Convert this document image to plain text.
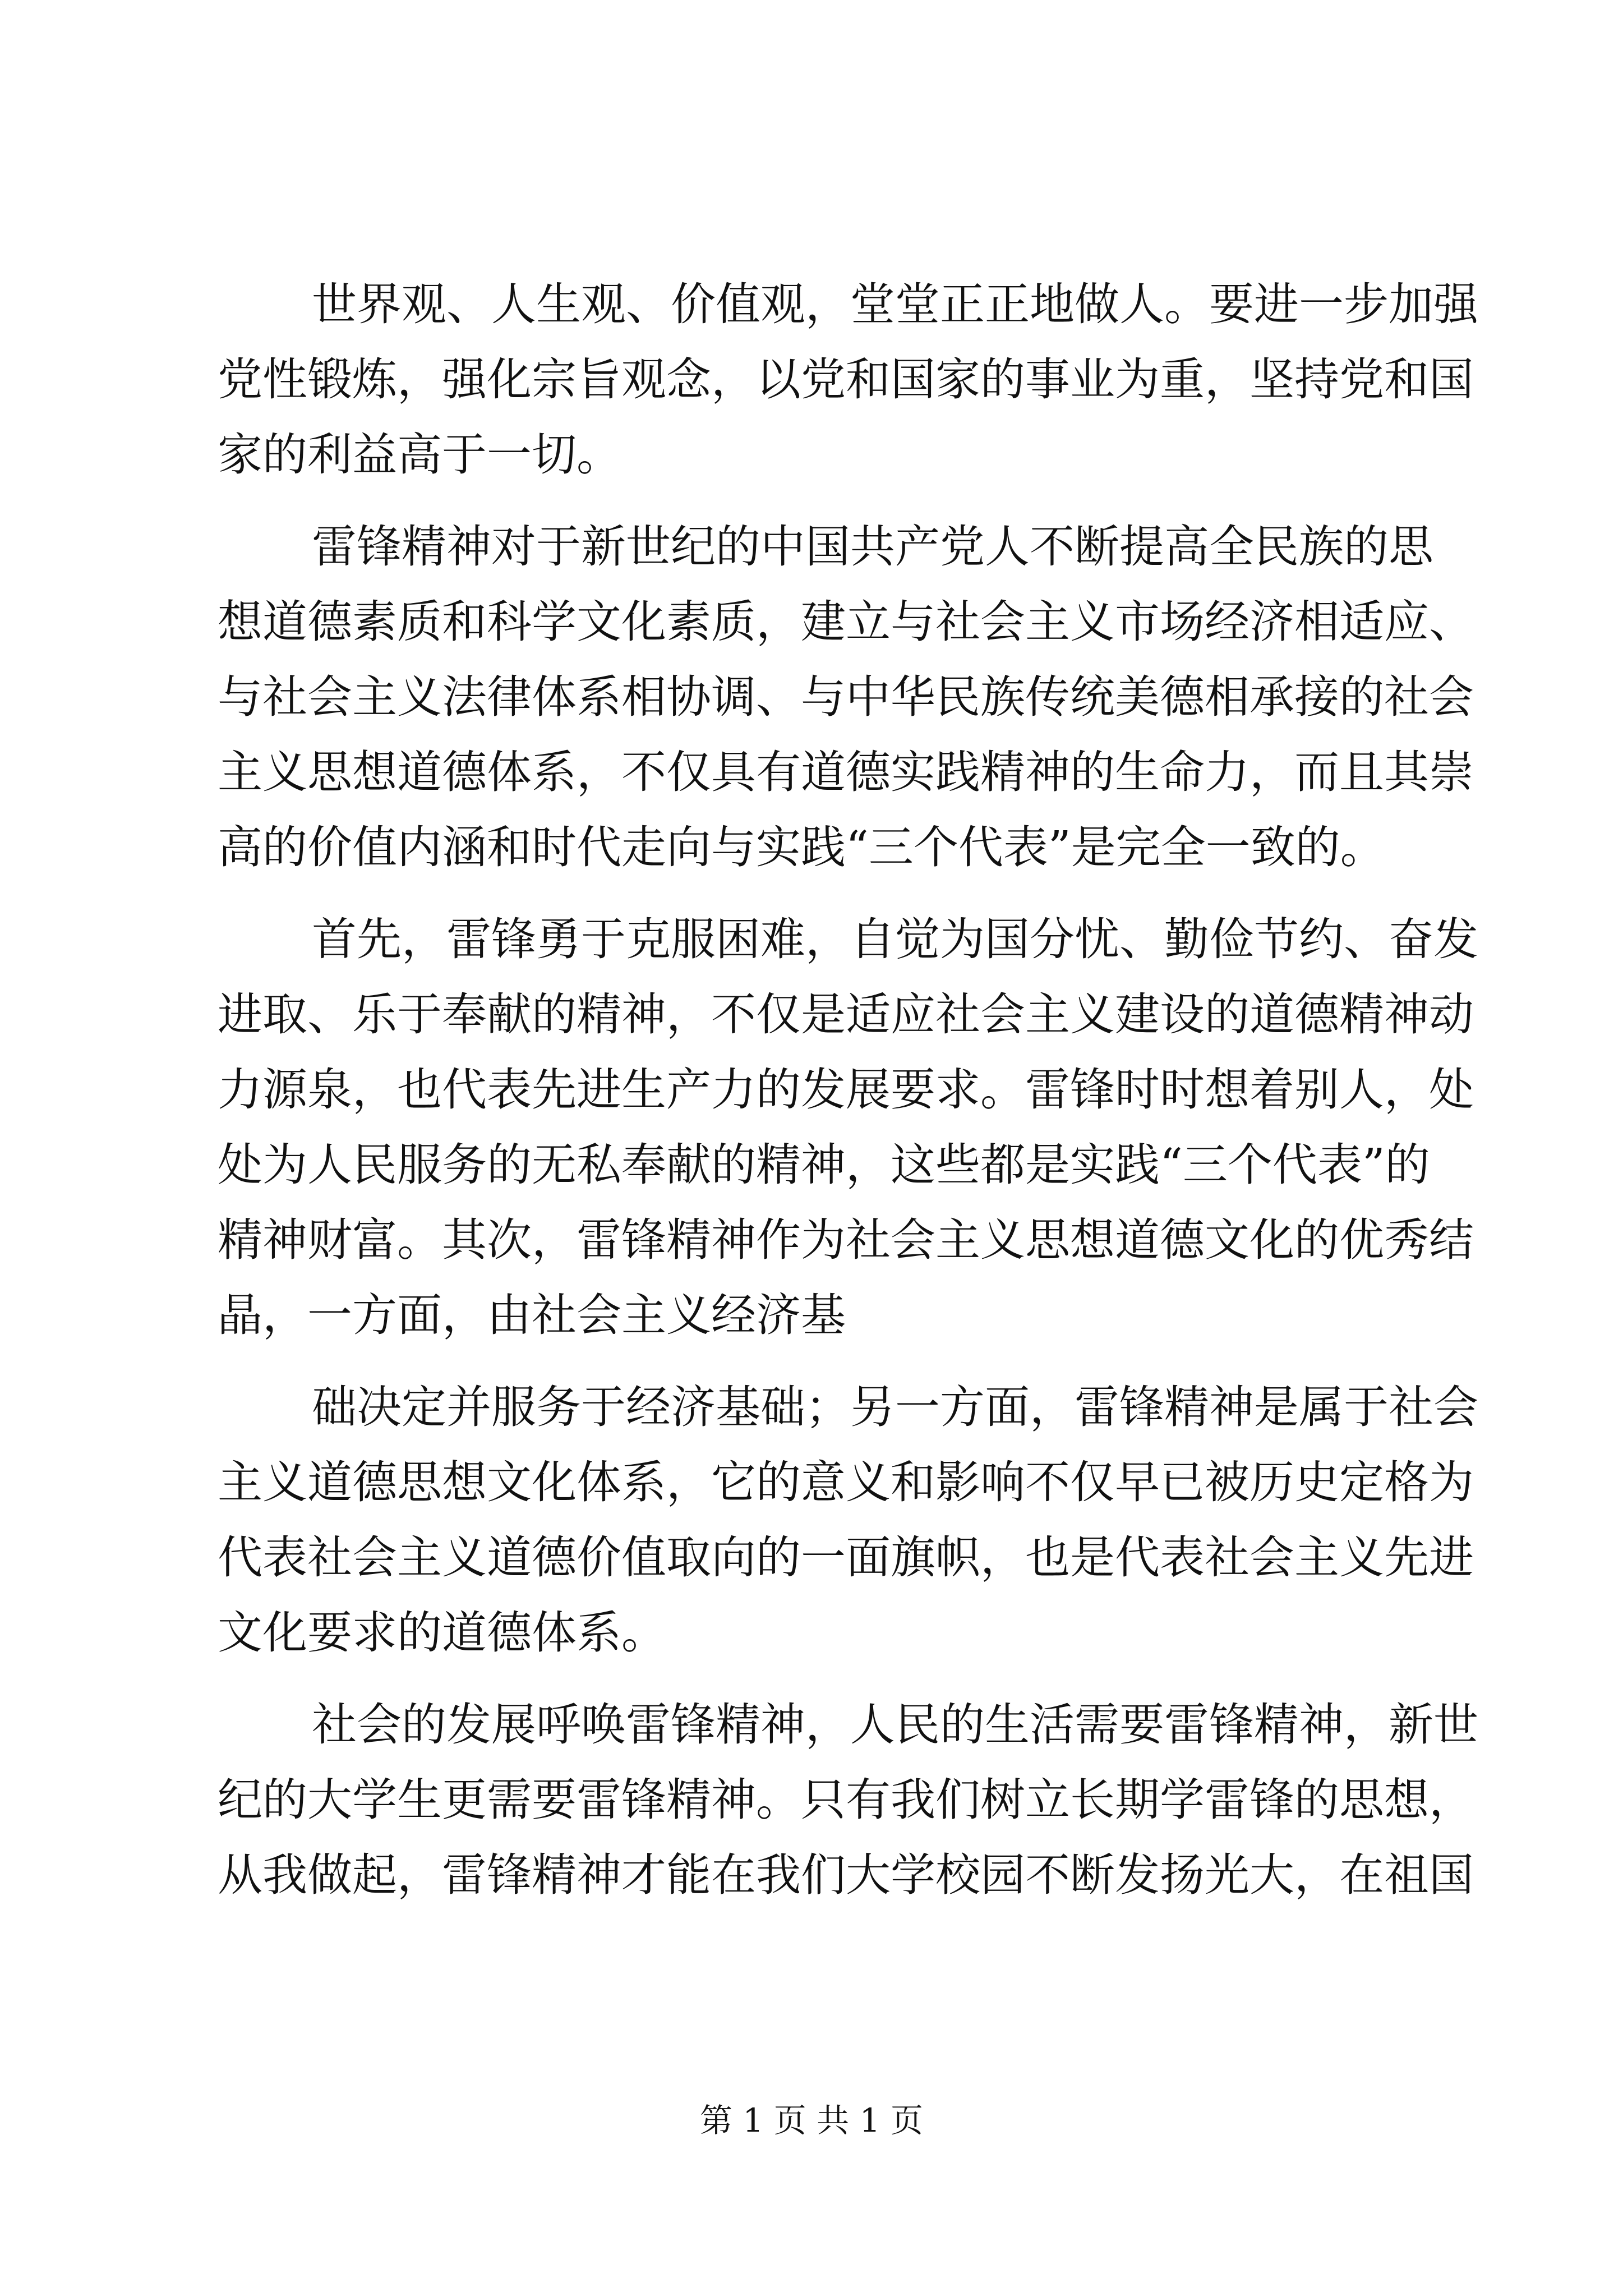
世界观、人生观、价值观，堂堂正正地做人。要进一步加强
党性锻炼，强化宗旨观念，以党和国家的事业为重，坚持党和国
家的利益高于一切。
雷锋精神对于新世纪的中国共产党人不断提高全民族的思
想道德素质和科学文化素质，建立与社会主义市场经济相适应、
与社会主义法律体系相协调、与中华民族传统美德相承接的社会
主义思想道德体系，不仅具有道德实践精神的生命力，而且其崇
高的价值内涵和时代走向与实践“三个代表”是完全一致的。
首先，雷锋勇于克服困难，自觉为国分忧、勤俭节约、奋发
进取、乐于奉献的精神，不仅是适应社会主义建设的道德精神动
力源泉，也代表先进生产力的发展要求。雷锋时时想着别人，处
处为人民服务的无私奉献的精神，这些都是实践“三个代表”的
精神财富。其次，雷锋精神作为社会主义思想道德文化的优秀结
晶，一方面，由社会主义经济基
础决定并服务于经济基础；另一方面，雷锋精神是属于社会
主义道德思想文化体系，它的意义和影响不仅早已被历史定格为
代表社会主义道德价值取向的一面旗帜，也是代表社会主义先进
文化要求的道德体系。
社会的发展呼唤雷锋精神，人民的生活需要雷锋精神，新世
纪的大学生更需要雷锋精神。只有我们树立长期学雷锋的思想，
从我做起，雷锋精神才能在我们大学校园不断发扬光大，在祖国
第 1 页 共 1 页
